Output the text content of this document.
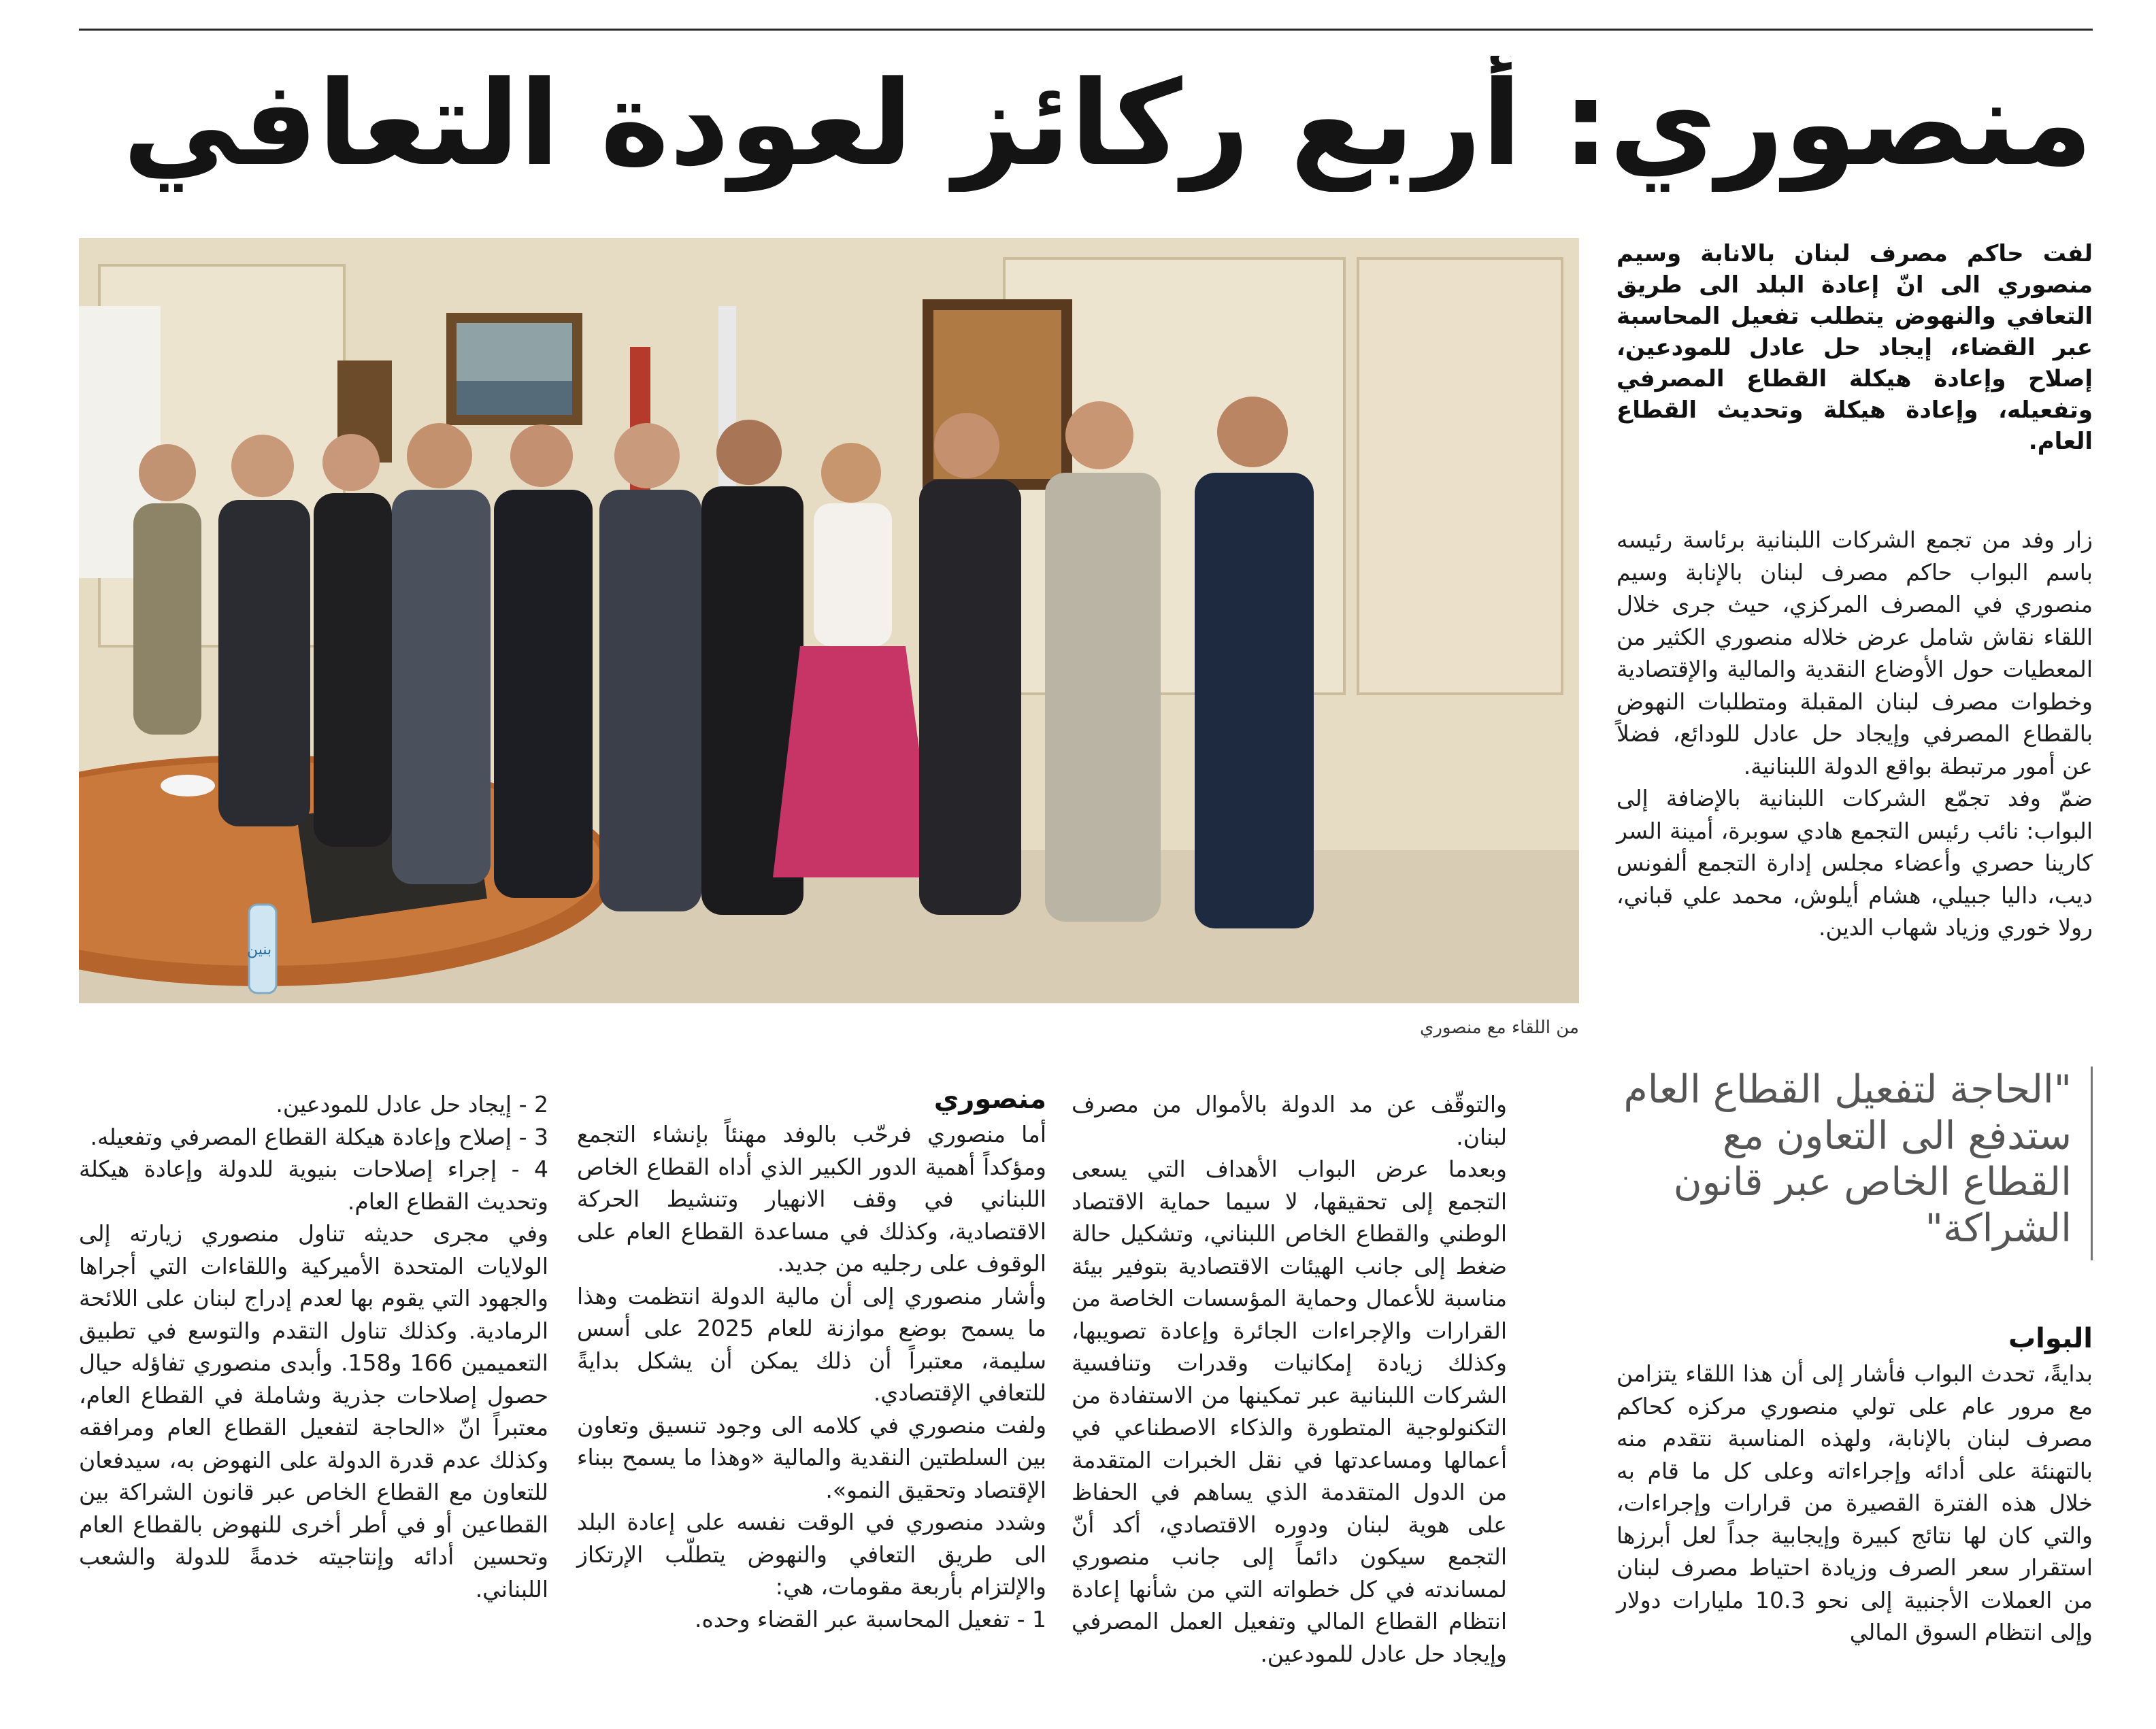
منصوري: أربع ركائز لعودة التعافي
لفت حاكم مصرف لبنان بالانابة وسيم منصوري الى انّ إعادة البلد الى طريق التعافي والنهوض يتطلب تفعيل المحاسبة عبر القضاء، إيجاد حل عادل للمودعين، إصلاح وإعادة هيكلة القطاع المصرفي وتفعيله، وإعادة هيكلة وتحديث القطاع العام.
من اللقاء مع منصوري

زار وفد من تجمع الشركات اللبنانية برئاسة رئيسه باسم البواب حاكم مصرف لبنان بالإنابة وسيم منصوري في المصرف المركزي، حيث جرى خلال اللقاء نقاش شامل عرض خلاله منصوري الكثير من المعطيات حول الأوضاع النقدية والمالية والإقتصادية وخطوات مصرف لبنان المقبلة ومتطلبات النهوض بالقطاع المصرفي وإيجاد حل عادل للودائع، فضلاً عن أمور مرتبطة بواقع الدولة اللبنانية.

ضمّ وفد تجمّع الشركات اللبنانية بالإضافة إلى البواب: نائب رئيس التجمع هادي سوبرة، أمينة السر كارينا حصري وأعضاء مجلس إدارة التجمع ألفونس ديب، داليا جبيلي، هشام أيلوش، محمد علي قباني، رولا خوري وزياد شهاب الدين.

"الحاجة لتفعيل القطاع العام ستدفع الى التعاون مع القطاع الخاص عبر قانون الشراكة"
البواب

بدايةً، تحدث البواب فأشار إلى أن هذا اللقاء يتزامن مع مرور عام على تولي منصوري مركزه كحاكم مصرف لبنان بالإنابة، ولهذه المناسبة نتقدم منه بالتهنئة على أدائه وإجراءاته وعلى كل ما قام به خلال هذه الفترة القصيرة من قرارات وإجراءات، والتي كان لها نتائج كبيرة وإيجابية جداً لعل أبرزها استقرار سعر الصرف وزيادة احتياط مصرف لبنان من العملات الأجنبية إلى نحو 10.3 مليارات دولار وإلى انتظام السوق المالي

والتوقّف عن مد الدولة بالأموال من مصرف لبنان.

وبعدما عرض البواب الأهداف التي يسعى التجمع إلى تحقيقها، لا سيما حماية الاقتصاد الوطني والقطاع الخاص اللبناني، وتشكيل حالة ضغط إلى جانب الهيئات الاقتصادية بتوفير بيئة مناسبة للأعمال وحماية المؤسسات الخاصة من القرارات والإجراءات الجائرة وإعادة تصويبها، وكذلك زيادة إمكانيات وقدرات وتنافسية الشركات اللبنانية عبر تمكينها من الاستفادة من التكنولوجية المتطورة والذكاء الاصطناعي في أعمالها ومساعدتها في نقل الخبرات المتقدمة من الدول المتقدمة الذي يساهم في الحفاظ على هوية لبنان ودوره الاقتصادي، أكد أنّ التجمع سيكون دائماً إلى جانب منصوري لمساندته في كل خطواته التي من شأنها إعادة انتظام القطاع المالي وتفعيل العمل المصرفي وإيجاد حل عادل للمودعين.

منصوري

أما منصوري فرحّب بالوفد مهنئاً بإنشاء التجمع ومؤكداً أهمية الدور الكبير الذي أداه القطاع الخاص اللبناني في وقف الانهيار وتنشيط الحركة الاقتصادية، وكذلك في مساعدة القطاع العام على الوقوف على رجليه من جديد.

وأشار منصوري إلى أن مالية الدولة انتظمت وهذا ما يسمح بوضع موازنة للعام 2025 على أسس سليمة، معتبراً أن ذلك يمكن أن يشكل بدايةً للتعافي الإقتصادي.

ولفت منصوري في كلامه الى وجود تنسيق وتعاون بين السلطتين النقدية والمالية «وهذا ما يسمح ببناء الإقتصاد وتحقيق النمو».

وشدد منصوري في الوقت نفسه على إعادة البلد الى طريق التعافي والنهوض يتطلّب الإرتكاز والإلتزام بأربعة مقومات، هي:

1 - تفعيل المحاسبة عبر القضاء وحده.

2 - إيجاد حل عادل للمودعين.

3 - إصلاح وإعادة هيكلة القطاع المصرفي وتفعيله.

4 - إجراء إصلاحات بنيوية للدولة وإعادة هيكلة وتحديث القطاع العام.

وفي مجرى حديثه تناول منصوري زيارته إلى الولايات المتحدة الأميركية واللقاءات التي أجراها والجهود التي يقوم بها لعدم إدراج لبنان على اللائحة الرمادية. وكذلك تناول التقدم والتوسع في تطبيق التعميمين 166 و158. وأبدى منصوري تفاؤله حيال حصول إصلاحات جذرية وشاملة في القطاع العام، معتبراً انّ «الحاجة لتفعيل القطاع العام ومرافقه وكذلك عدم قدرة الدولة على النهوض به، سيدفعان للتعاون مع القطاع الخاص عبر قانون الشراكة بين القطاعين أو في أطر أخرى للنهوض بالقطاع العام وتحسين أدائه وإنتاجيته خدمةً للدولة والشعب اللبناني.

بنين
